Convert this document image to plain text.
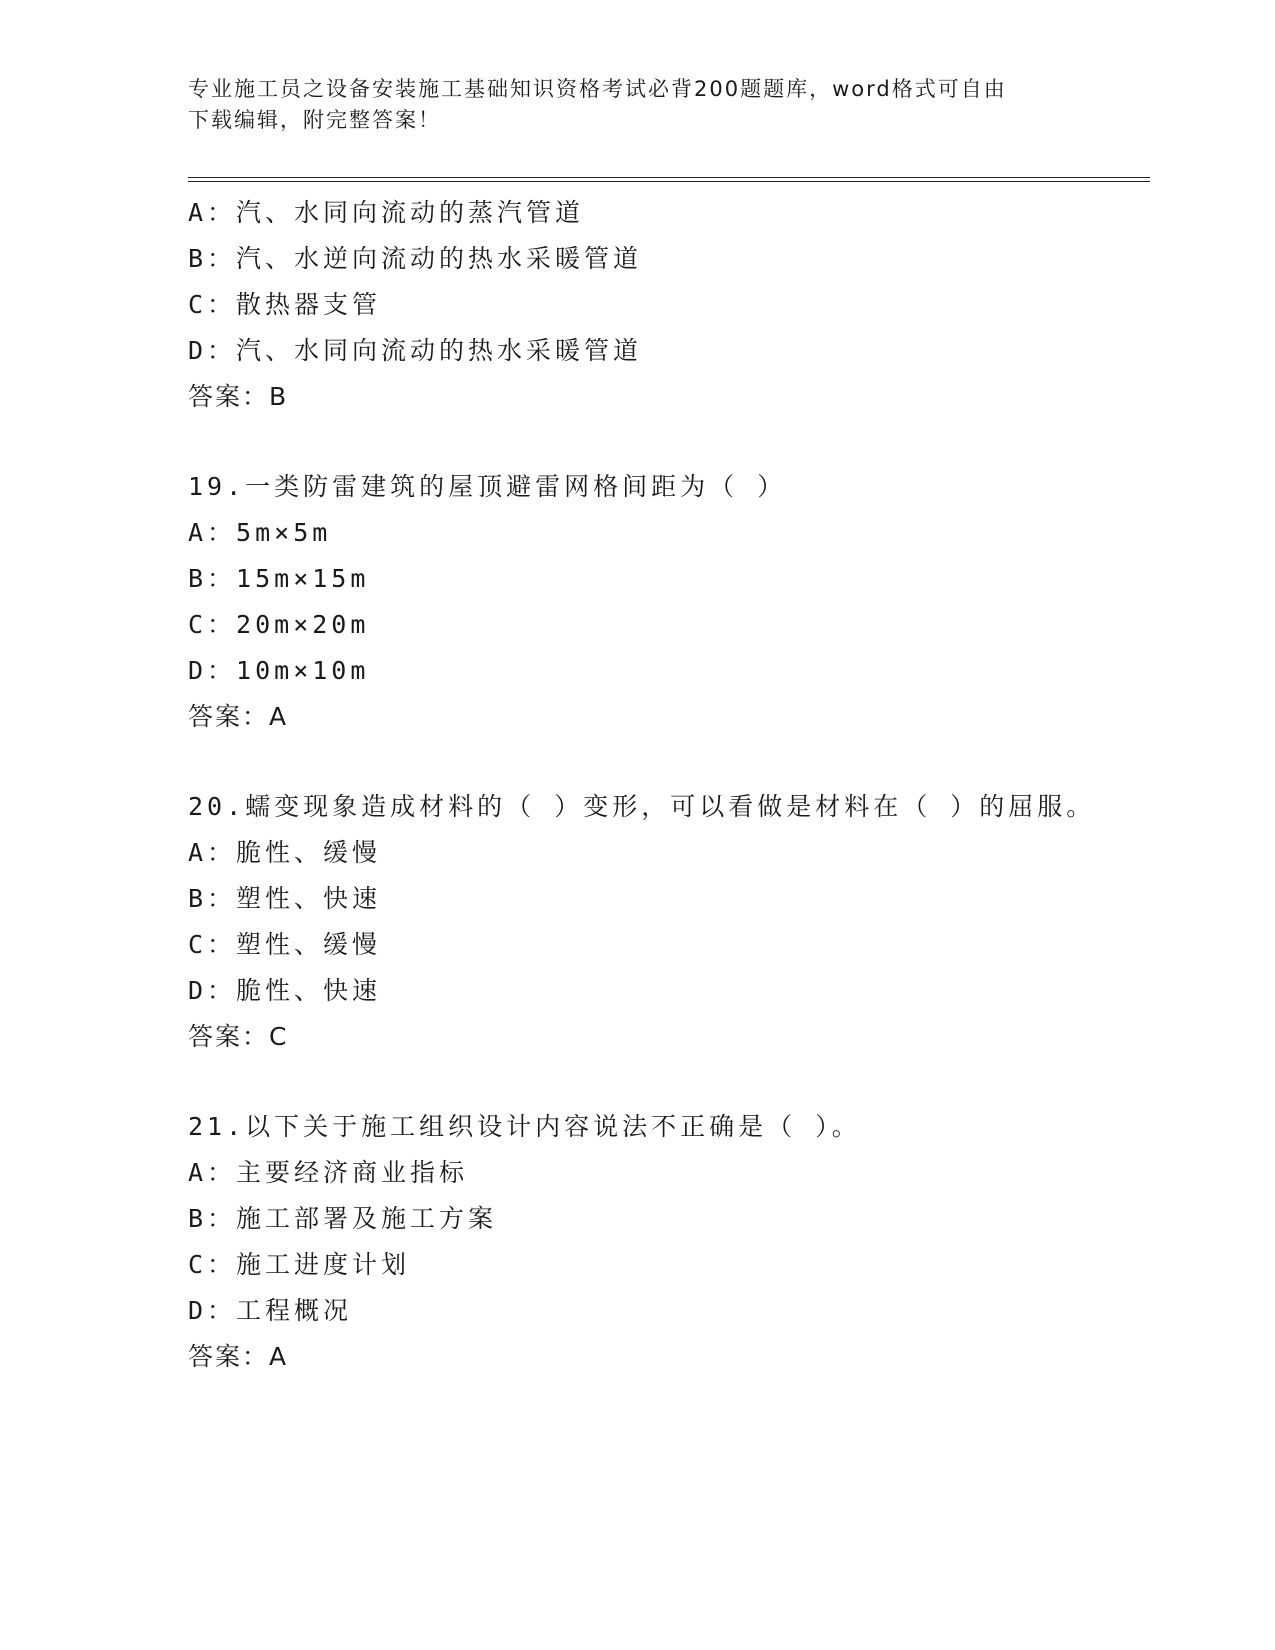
专业施工员之设备安装施工基础知识资格考试必背200题题库，word格式可自由
下载编辑，附完整答案！
A：汽、水同向流动的蒸汽管道
B：汽、水逆向流动的热水采暖管道
C：散热器支管
D：汽、水同向流动的热水采暖管道
答案：B
19.一类防雷建筑的屋顶避雷网格间距为（ ）
A：5m×5m
B：15m×15m
C：20m×20m
D：10m×10m
答案：A
20.蠕变现象造成材料的（ ）变形，可以看做是材料在（ ）的屈服。
A：脆性、缓慢
B：塑性、快速
C：塑性、缓慢
D：脆性、快速
答案：C
21.以下关于施工组织设计内容说法不正确是（ ）。
A：主要经济商业指标
B：施工部署及施工方案
C：施工进度计划
D：工程概况
答案：A
